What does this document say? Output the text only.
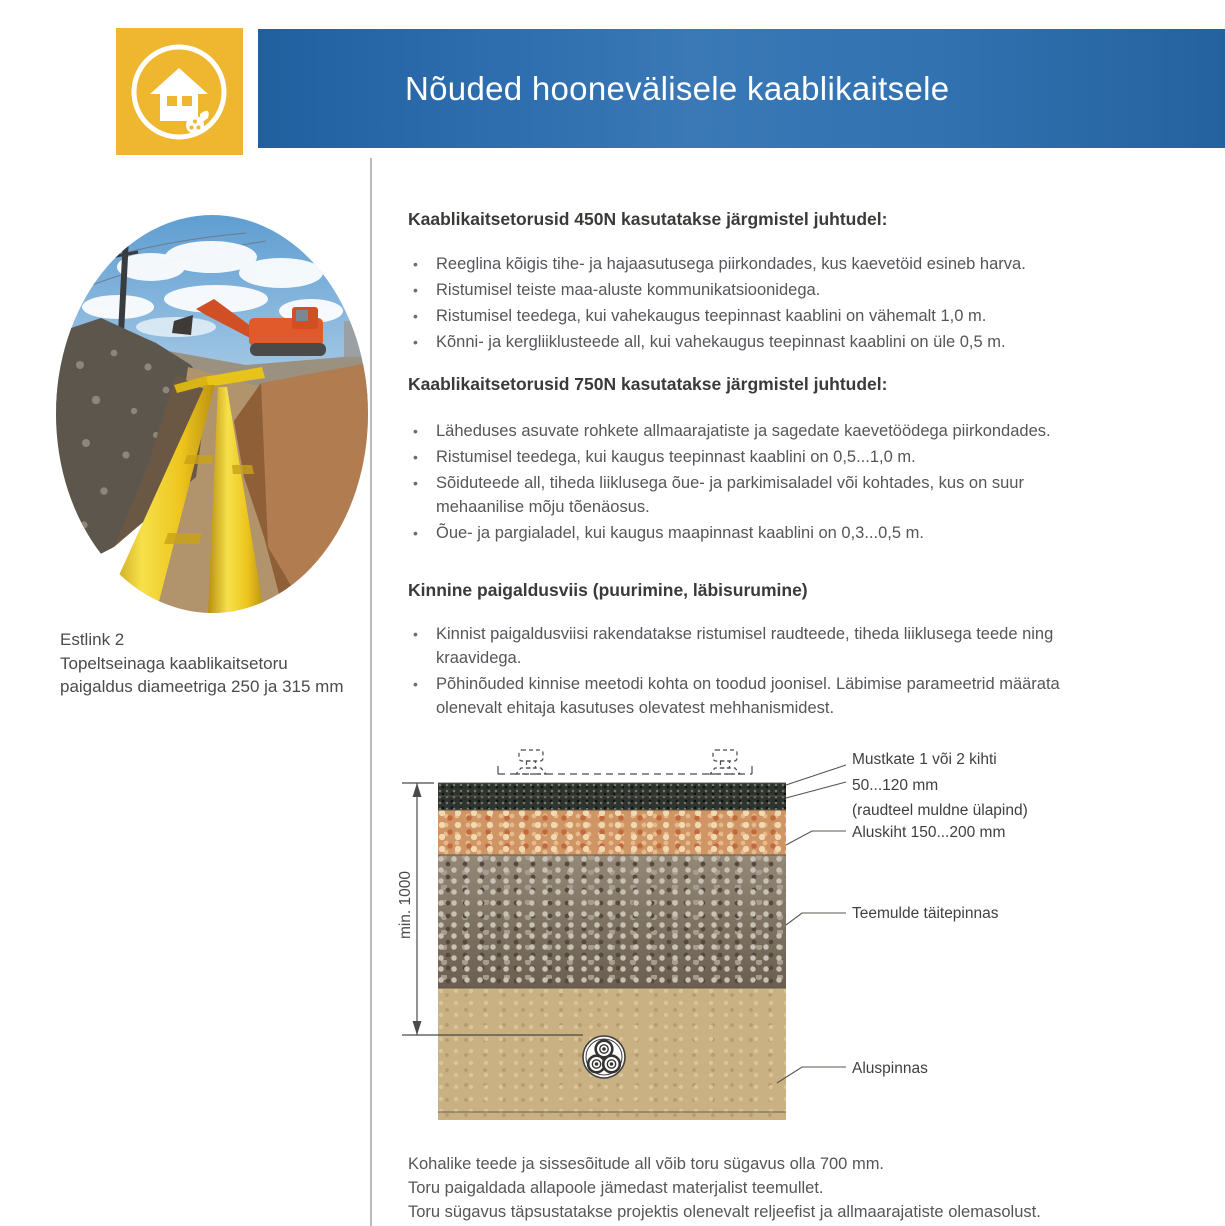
Nõuded hoonevälisele kaablikaitsele
Estlink 2
Topeltseinaga kaablikaitsetoru
paigaldus diameetriga 250 ja 315 mm
Kaablikaitsetorusid 450N kasutatakse järgmistel juhtudel:
• Reeglina kõigis tihe- ja hajaasutusega piirkondades, kus kaevetöid esineb harva.
• Ristumisel teiste maa-aluste kommunikatsioonidega.
• Ristumisel teedega, kui vahekaugus teepinnast kaablini on vähemalt 1,0 m.
• Kõnni- ja kergliiklusteede all, kui vahekaugus teepinnast kaablini on üle 0,5 m.
Kaablikaitsetorusid 750N kasutatakse järgmistel juhtudel:
• Läheduses asuvate rohkete allmaarajatiste ja sagedate kaevetöödega piirkondades.
• Ristumisel teedega, kui kaugus teepinnast kaablini on 0,5...1,0 m.
• Sõiduteede all, tiheda liiklusega õue- ja parkimisaladel või kohtades, kus on suur mehaanilise mõju tõenäosus.
• Õue- ja pargialadel, kui kaugus maapinnast kaablini on 0,3...0,5 m.
Kinnine paigaldusviis (puurimine, läbisurumine)
• Kinnist paigaldusviisi rakendatakse ristumisel raudteede, tiheda liiklusega teede ning kraavidega.
• Põhinõuded kinnise meetodi kohta on toodud joonisel. Läbimise parameetrid määrata olenevalt ehitaja kasutuses olevatest mehhanismidest.
min. 1000
Mustkate 1 või 2 kihti
50...120 mm
(raudteel muldne ülapind)
Aluskiht 150...200 mm
Teemulde täitepinnas
Aluspinnas
Kohalike teede ja sissesõitude all võib toru sügavus olla 700 mm.
Toru paigaldada allapoole jämedast materjalist teemullet.
Toru sügavus täpsustatakse projektis olenevalt reljeefist ja allmaarajatiste olemasolust.
